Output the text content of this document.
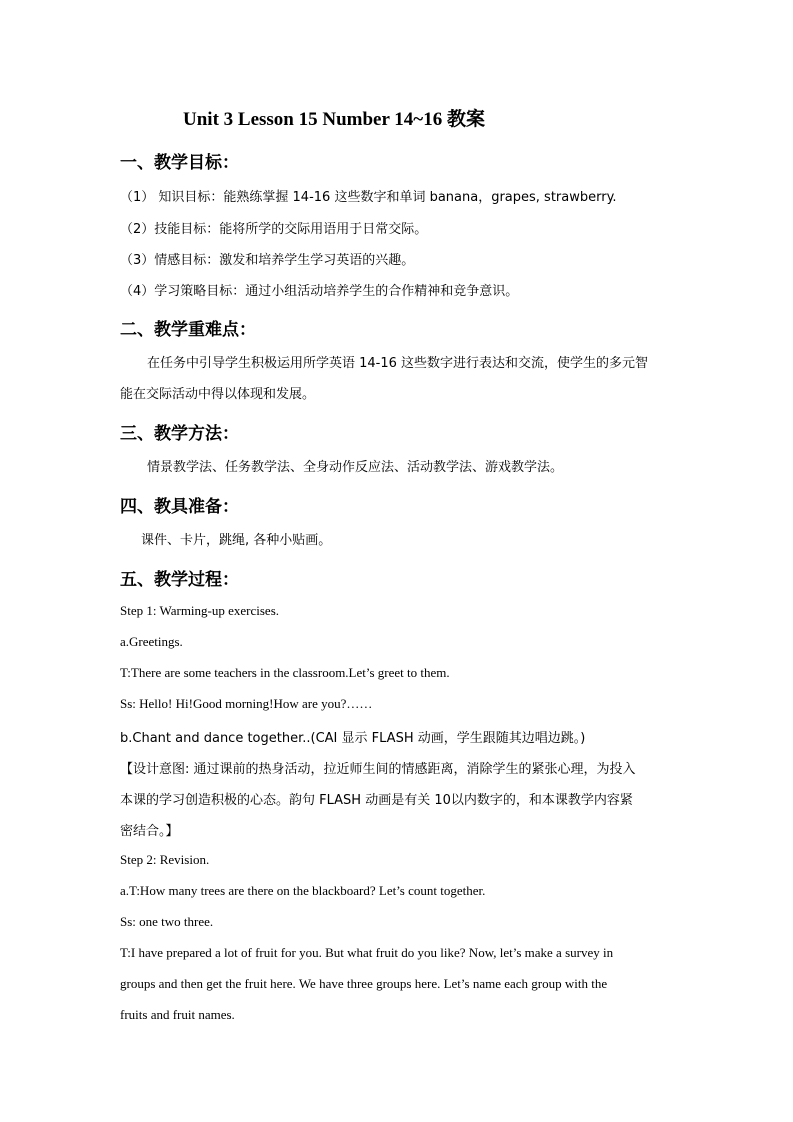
Unit 3 Lesson 15 Number 14~16 教案
一、教学目标：
（1） 知识目标：能熟练掌握 14-16 这些数字和单词 banana，grapes, strawberry.
（2）技能目标：能将所学的交际用语用于日常交际。
（3）情感目标：激发和培养学生学习英语的兴趣。
（4）学习策略目标：通过小组活动培养学生的合作精神和竞争意识。
二、教学重难点：
在任务中引导学生积极运用所学英语 14-16 这些数字进行表达和交流，使学生的多元智
能在交际活动中得以体现和发展。
三、教学方法：
情景教学法、任务教学法、全身动作反应法、活动教学法、游戏教学法。
四、教具准备：
课件、卡片，跳绳, 各种小贴画。
五、教学过程：
Step 1: Warming-up exercises.
a.Greetings.
T:There are some teachers in the classroom.Let’s greet to them.
Ss: Hello! Hi!Good morning!How are you?……
b.Chant and dance together..(CAI 显示 FLASH 动画，学生跟随其边唱边跳。)
【设计意图: 通过课前的热身活动，拉近师生间的情感距离，消除学生的紧张心理，为投入
本课的学习创造积极的心态。韵句 FLASH 动画是有关 10以内数字的，和本课教学内容紧
密结合。】
Step 2: Revision.
a.T:How many trees are there on the blackboard? Let’s count together.
Ss: one two three.
T:I have prepared a lot of fruit for you. But what fruit do you like? Now, let’s make a survey in
groups and then get the fruit here. We have three groups here. Let’s name each group with the
fruits and fruit names.
